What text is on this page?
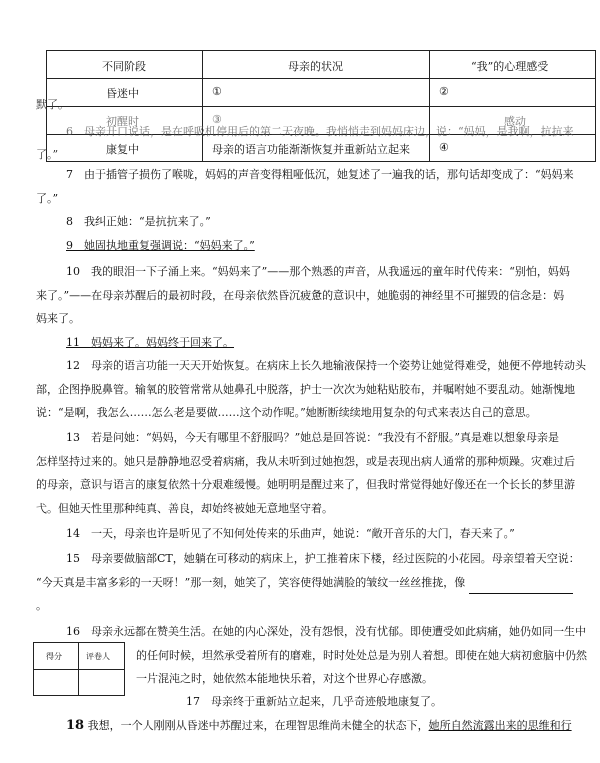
不同阶段	母亲的状况	“我”的心理感受
昏迷中	①	②
初醒时	③	感动
康复中	母亲的语言功能渐渐恢复并重新站立起来	④
默了。
6　母亲开口说话，是在呼吸机停用后的第二天夜晚。我悄悄走到妈妈床边，说：“妈妈，是我啊，抗抗来
了。”
7　由于插管子损伤了喉咙，妈妈的声音变得粗哑低沉，她复述了一遍我的话，那句话却变成了：“妈妈来
了。”
8　我纠正她：“是抗抗来了。”
9　她固执地重复强调说：“妈妈来了。”
10　我的眼泪一下子涌上来。“妈妈来了”——那个熟悉的声音，从我遥远的童年时代传来：“别怕，妈妈
来了。”——在母亲苏醒后的最初时段，在母亲依然昏沉疲惫的意识中，她脆弱的神经里不可摧毁的信念是：妈
妈来了。
11　妈妈来了。妈妈终于回来了。
12　母亲的语言功能一天天开始恢复。在病床上长久地输液保持一个姿势让她觉得难受，她便不停地转动头
部，企图挣脱鼻管。输氧的胶管常常从她鼻孔中脱落，护士一次次为她粘贴胶布，并嘱咐她不要乱动。她渐愧地
说：“是啊，我怎么……怎么老是要做……这个动作呢。”她断断续续地用复杂的句式来表达自己的意思。
13　若是问她：“妈妈，今天有哪里不舒服吗？”她总是回答说：“我没有不舒服。”真是难以想象母亲是
怎样坚持过来的。她只是静静地忍受着病痛，我从未听到过她抱怨，或是表现出病人通常的那种烦躁。灾难过后
的母亲，意识与语言的康复依然十分艰难缓慢。她明明是醒过来了，但我时常觉得她好像还在一个长长的梦里游
弋。但她天性里那种纯真、善良，却始终被她无意地坚守着。
14　一天，母亲也许是听见了不知何处传来的乐曲声，她说：“敞开音乐的大门，春天来了。”
15　母亲要做脑部CT，她躺在可移动的病床上，护工推着床下楼，经过医院的小花园。母亲望着天空说：
“今天真是丰富多彩的一天呀！”那一刻，她笑了，笑容使得她满脸的皱纹一丝丝推拢，像
。
16　母亲永远都在赞美生活。在她的内心深处，没有怨恨，没有忧郁。即使遭受如此病痛，她仍如同一生中
的任何时候，坦然承受着所有的磨难，时时处处总是为别人着想。即使在她大病初愈脑中仍然
一片混沌之时，她依然本能地快乐着，对这个世界心存感激。
17　母亲终于重新站立起来，几乎奇迹般地康复了。
18 我想，一个人刚刚从昏迷中苏醒过来，在理智思维尚未健全的状态下，她所自然流露出来的思维和行
得分	评卷人
